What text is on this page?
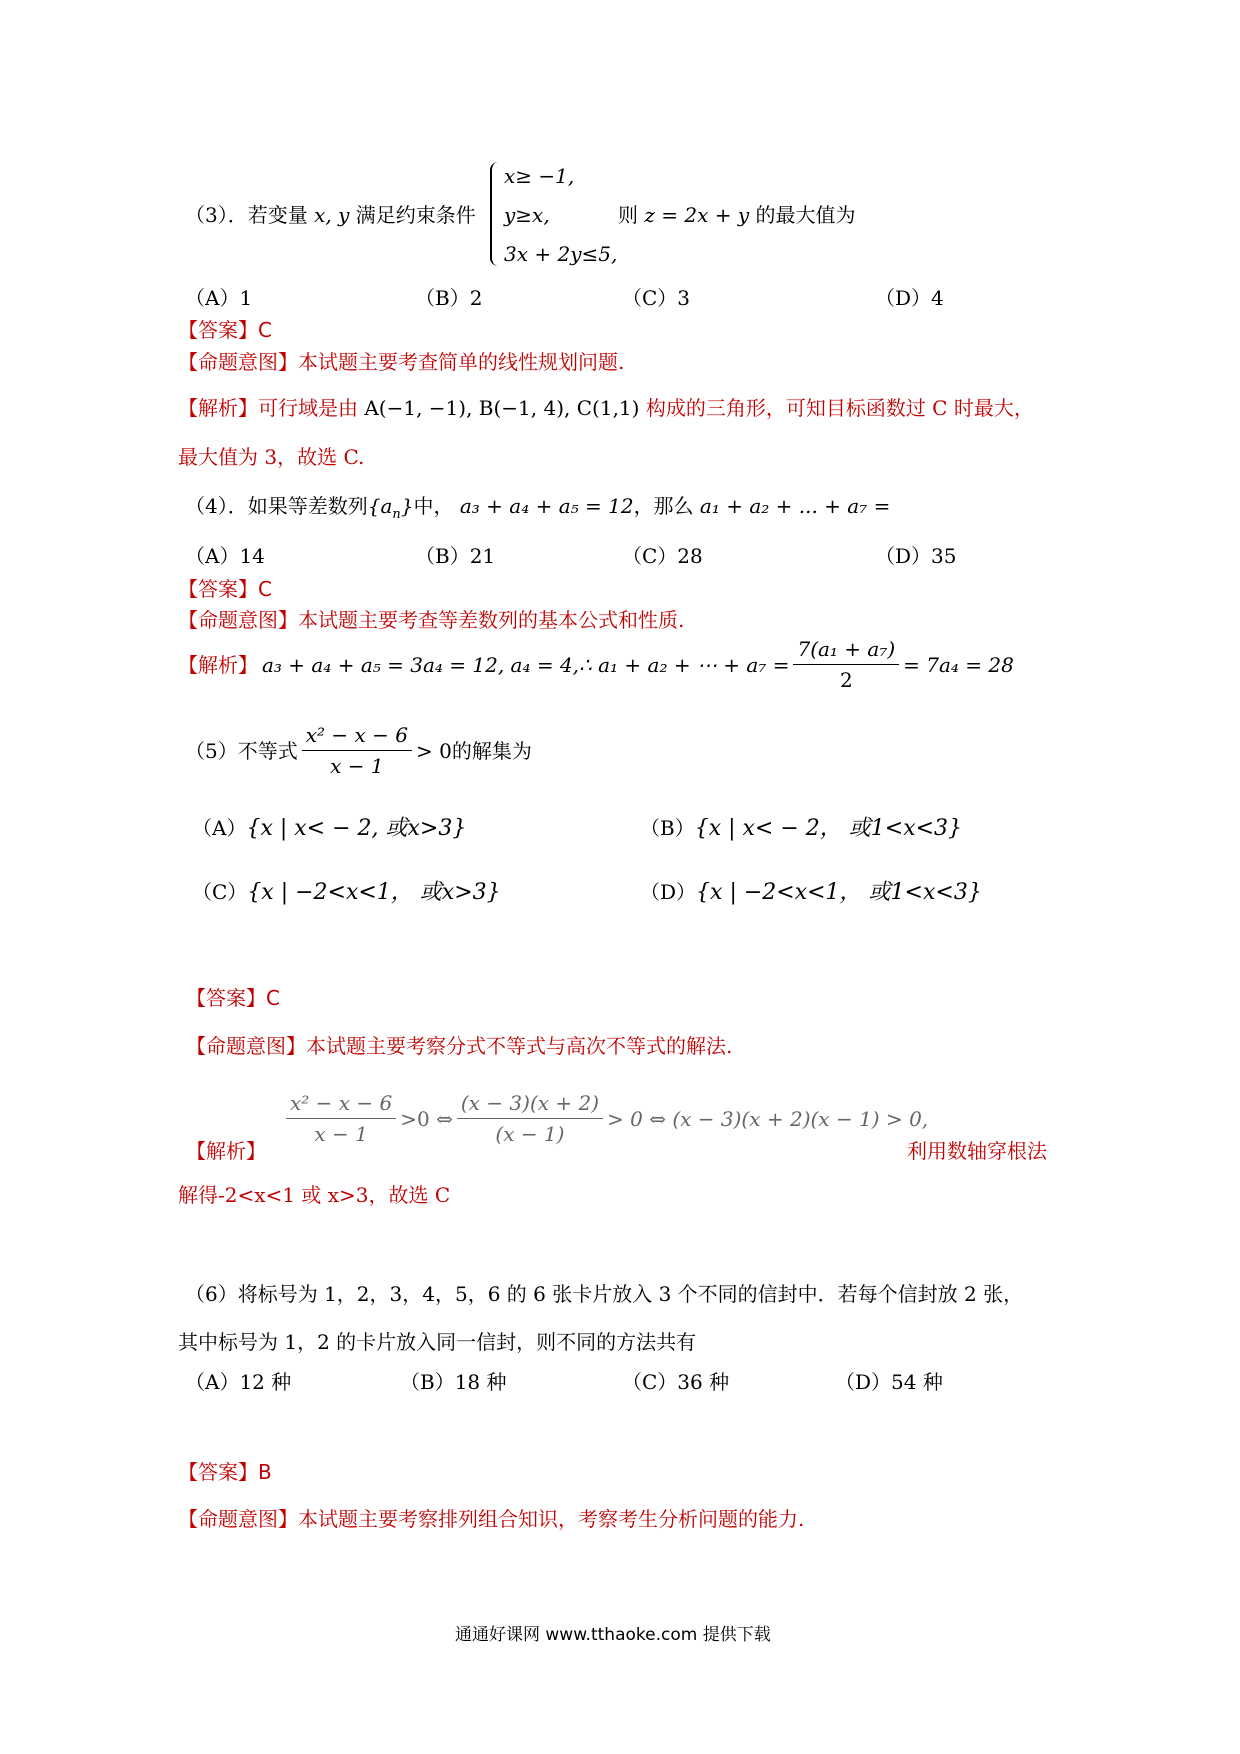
（3）．若变量 x, y 满足约束条件
x≥ −1,
y≥x,
3x + 2y≤5,
则 z = 2x + y 的最大值为
（A）1	（B）2	（C）3	（D）4
【答案】C
【命题意图】本试题主要考查简单的线性规划问题.
【解析】可行域是由 A(−1, −1), B(−1, 4), C(1,1) 构成的三角形，可知目标函数过 C 时最大，
最大值为 3，故选 C.
（4）．如果等差数列$\{a_n\}$中， a₃ + a₄ + a₅ = 12，那么 a₁ + a₂ + ... + a₇ =
（A）14	（B）21	（C）28	（D）35
【答案】C
【命题意图】本试题主要考查等差数列的基本公式和性质.
【解析】 a₃ + a₄ + a₅ = 3a₄ = 12, a₄ = 4,∴ a₁ + a₂ + ⋯ + $a_7 = \frac{\text{7(a₁ + a₇)}}{2} = 7a_4 = 28$
（5）不等式 $\frac{\text{x² − x − 6}}{x - 1} > 0$ 的解集为
（A）{x | x< − 2, 或x>3}	（B）{x | x< − 2， 或1<x<3}
（C）{x | −2<x<1， 或x>3}	（D）{x | −2<x<1， 或1<x<3}
【答案】C
【命题意图】本试题主要考察分式不等式与高次不等式的解法.
【解析】
$\frac{\text{x² − x − 6}}{x - 1} >0$ ⇔ $\frac{(x - 3)(x + 2)}{(x - 1)} > 0$ ⇔ (x − 3)(x + 2)(x − 1) > 0,
利用数轴穿根法
解得-2<x<1 或 x>3，故选 C
（6）将标号为 1，2，3，4，5，6 的 6 张卡片放入 3 个不同的信封中．若每个信封放 2 张，
其中标号为 1，2 的卡片放入同一信封，则不同的方法共有
（A）12 种	（B）18 种	（C）36 种	（D）54 种
【答案】B
【命题意图】本试题主要考察排列组合知识，考察考生分析问题的能力.
通通好课网 www.tthaoke.com 提供下载
